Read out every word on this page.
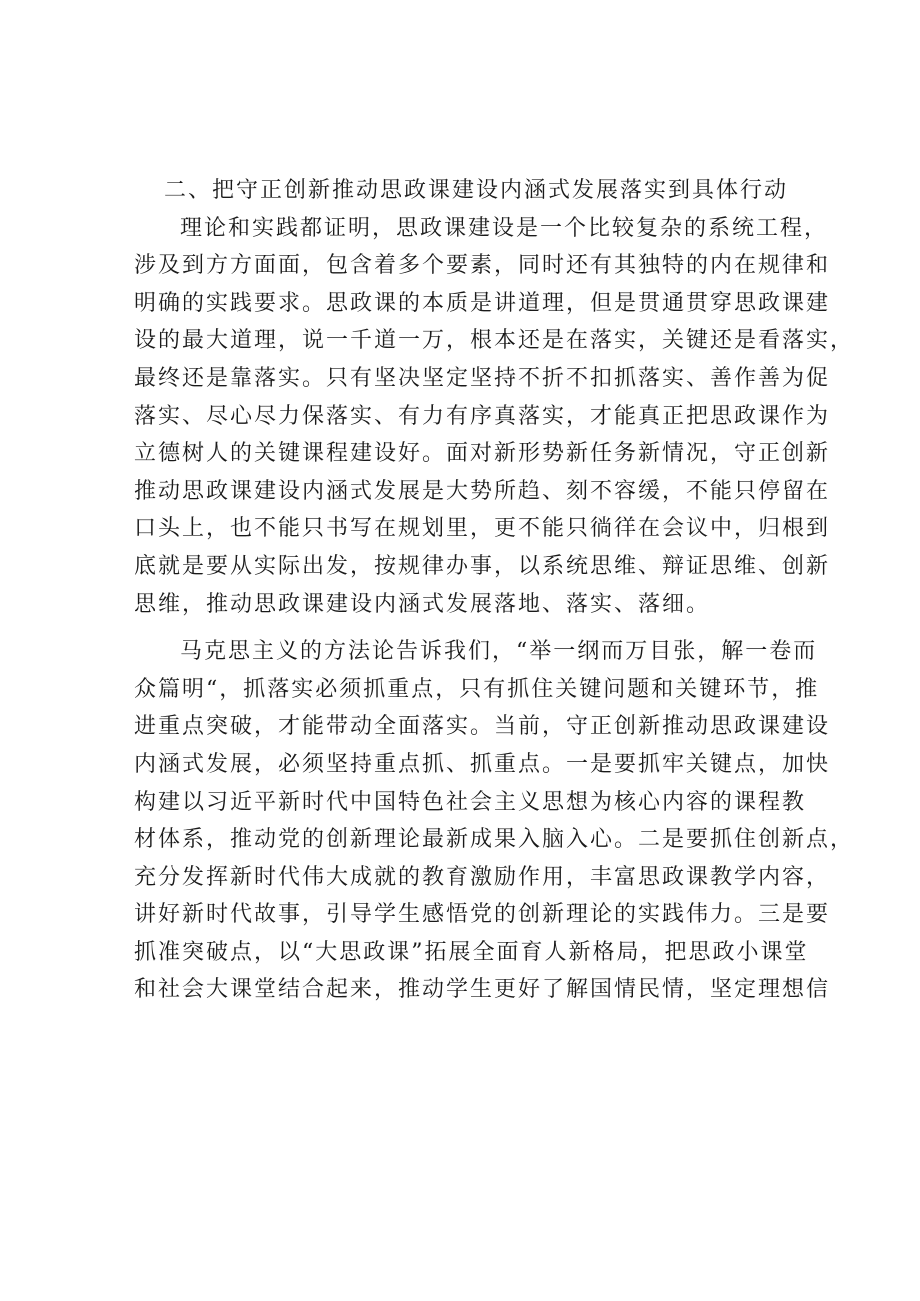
二、把守正创新推动思政课建设内涵式发展落实到具体行动
理论和实践都证明，思政课建设是一个比较复杂的系统工程，
涉及到方方面面，包含着多个要素，同时还有其独特的内在规律和
明确的实践要求。思政课的本质是讲道理，但是贯通贯穿思政课建
设的最大道理，说一千道一万，根本还是在落实，关键还是看落实，
最终还是靠落实。只有坚决坚定坚持不折不扣抓落实、善作善为促
落实、尽心尽力保落实、有力有序真落实，才能真正把思政课作为
立德树人的关键课程建设好。面对新形势新任务新情况，守正创新
推动思政课建设内涵式发展是大势所趋、刻不容缓，不能只停留在
口头上，也不能只书写在规划里，更不能只徜徉在会议中，归根到
底就是要从实际出发，按规律办事，以系统思维、辩证思维、创新
思维，推动思政课建设内涵式发展落地、落实、落细。
马克思主义的方法论告诉我们，“举一纲而万目张，解一卷而
众篇明“，抓落实必须抓重点，只有抓住关键问题和关键环节，推
进重点突破，才能带动全面落实。当前，守正创新推动思政课建设
内涵式发展，必须坚持重点抓、抓重点。一是要抓牢关键点，加快
构建以习近平新时代中国特色社会主义思想为核心内容的课程教
材体系，推动党的创新理论最新成果入脑入心。二是要抓住创新点，
充分发挥新时代伟大成就的教育激励作用，丰富思政课教学内容，
讲好新时代故事，引导学生感悟党的创新理论的实践伟力。三是要
抓准突破点，以“大思政课”拓展全面育人新格局，把思政小课堂
和社会大课堂结合起来，推动学生更好了解国情民情，坚定理想信
